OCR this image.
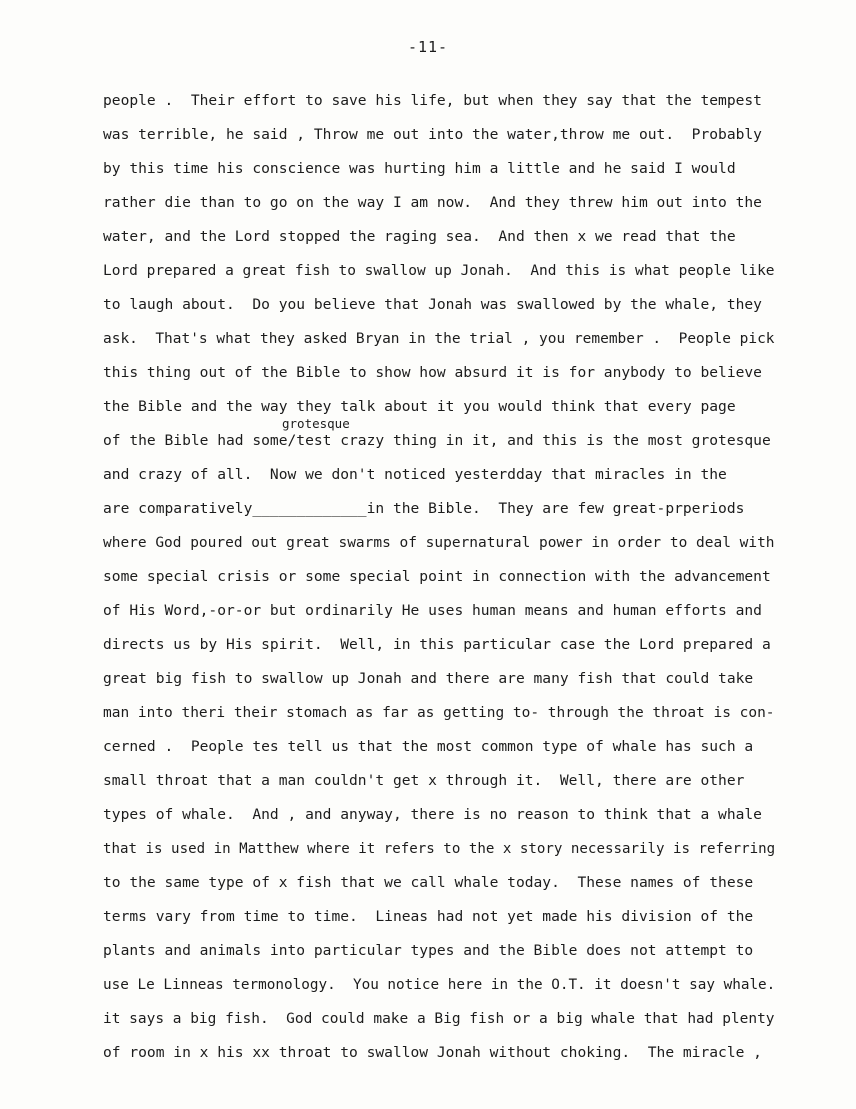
-11-
people .  Their effort to save his life, but when they say that the tempest
was terrible, he said , Throw me out into the water,throw me out.  Probably
by this time his conscience was hurting him a little and he said I would
rather die than to go on the way I am now.  And they threw him out into the
water, and the Lord stopped the raging sea.  And then x we read that the
Lord prepared a great fish to swallow up Jonah.  And this is what people like
to laugh about.  Do you believe that Jonah was swallowed by the whale, they
ask.  That's what they asked Bryan in the trial , you remember .  People pick
this thing out of the Bible to show how absurd it is for anybody to believe
the Bible and the way they talk about it you would think that every page
grotesque
of the Bible had some/test crazy thing in it, and this is the most grotesque
and crazy of all.  Now we don't noticed yesterdday that miracles in the
are comparatively_____________in the Bible.  They are few great-prperiods
where God poured out great swarms of supernatural power in order to deal with
some special crisis or some special point in connection with the advancement
of His Word,-or-or but ordinarily He uses human means and human efforts and
directs us by His spirit.  Well, in this particular case the Lord prepared a
great big fish to swallow up Jonah and there are many fish that could take
man into theri their stomach as far as getting to- through the throat is con-
cerned .  People tes tell us that the most common type of whale has such a
small throat that a man couldn't get x through it.  Well, there are other
types of whale.  And , and anyway, there is no reason to think that a whale
that is used in Matthew where it refers to the x story necessarily is referring
to the same type of x fish that we call whale today.  These names of these
terms vary from time to time.  Lineas had not yet made his division of the
plants and animals into particular types and the Bible does not attempt to
use Le Linneas termonology.  You notice here in the O.T. it doesn't say whale.
it says a big fish.  God could make a Big fish or a big whale that had plenty
of room in x his xx throat to swallow Jonah without choking.  The miracle ,
